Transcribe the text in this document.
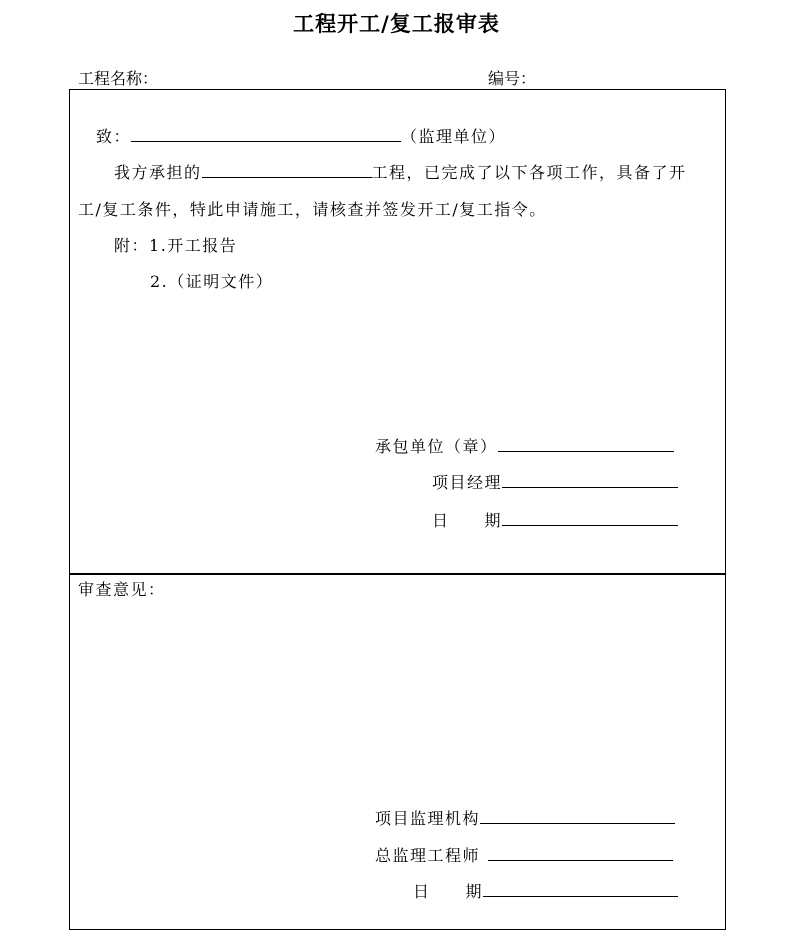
工程开工/复工报审表
工程名称：	编号：
致：	（监理单位）
我方承担的	工程，已完成了以下各项工作，具备了开
工/复工条件，特此申请施工，请核查并签发开工/复工指令。
附：1.开工报告
2.（证明文件）
承包单位（章）
项目经理
日　　期
审查意见：
项目监理机构
总监理工程师
日　　期
